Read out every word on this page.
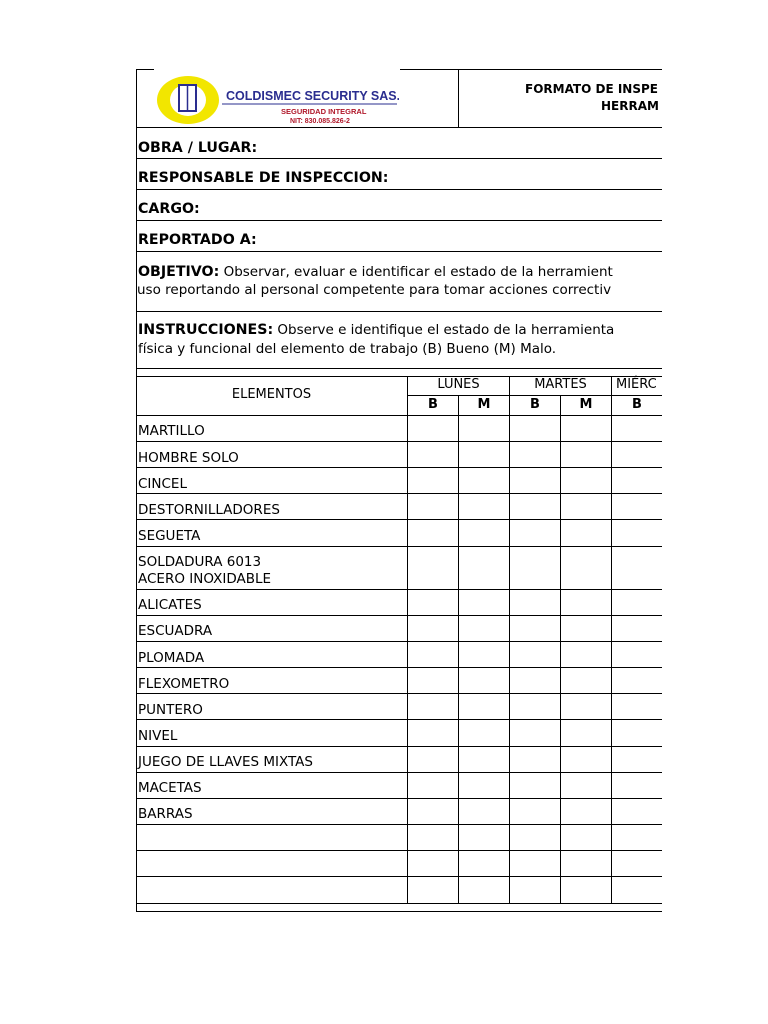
COLDISMEC SECURITY SAS.
SEGURIDAD INTEGRAL
NIT: 830.085.826-2
FORMATO DE INSPE
HERRAM
OBRA / LUGAR:
RESPONSABLE DE INSPECCION:
CARGO:
REPORTADO A:
OBJETIVO: Observar, evaluar e identificar el estado de la herramient
uso reportando al personal competente para tomar acciones correctiv
INSTRUCCIONES: Observe e identifique el estado de la herramienta
física y funcional del elemento de trabajo (B) Bueno (M) Malo.
ELEMENTOS
LUNES	MARTES	MIÉRC
B	M	B	M	B
MARTILLO
HOMBRE SOLO
CINCEL
DESTORNILLADORES
SEGUETA
SOLDADURA 6013
ACERO INOXIDABLE
ALICATES
ESCUADRA
PLOMADA
FLEXOMETRO
PUNTERO
NIVEL
JUEGO DE LLAVES MIXTAS
MACETAS
BARRAS
